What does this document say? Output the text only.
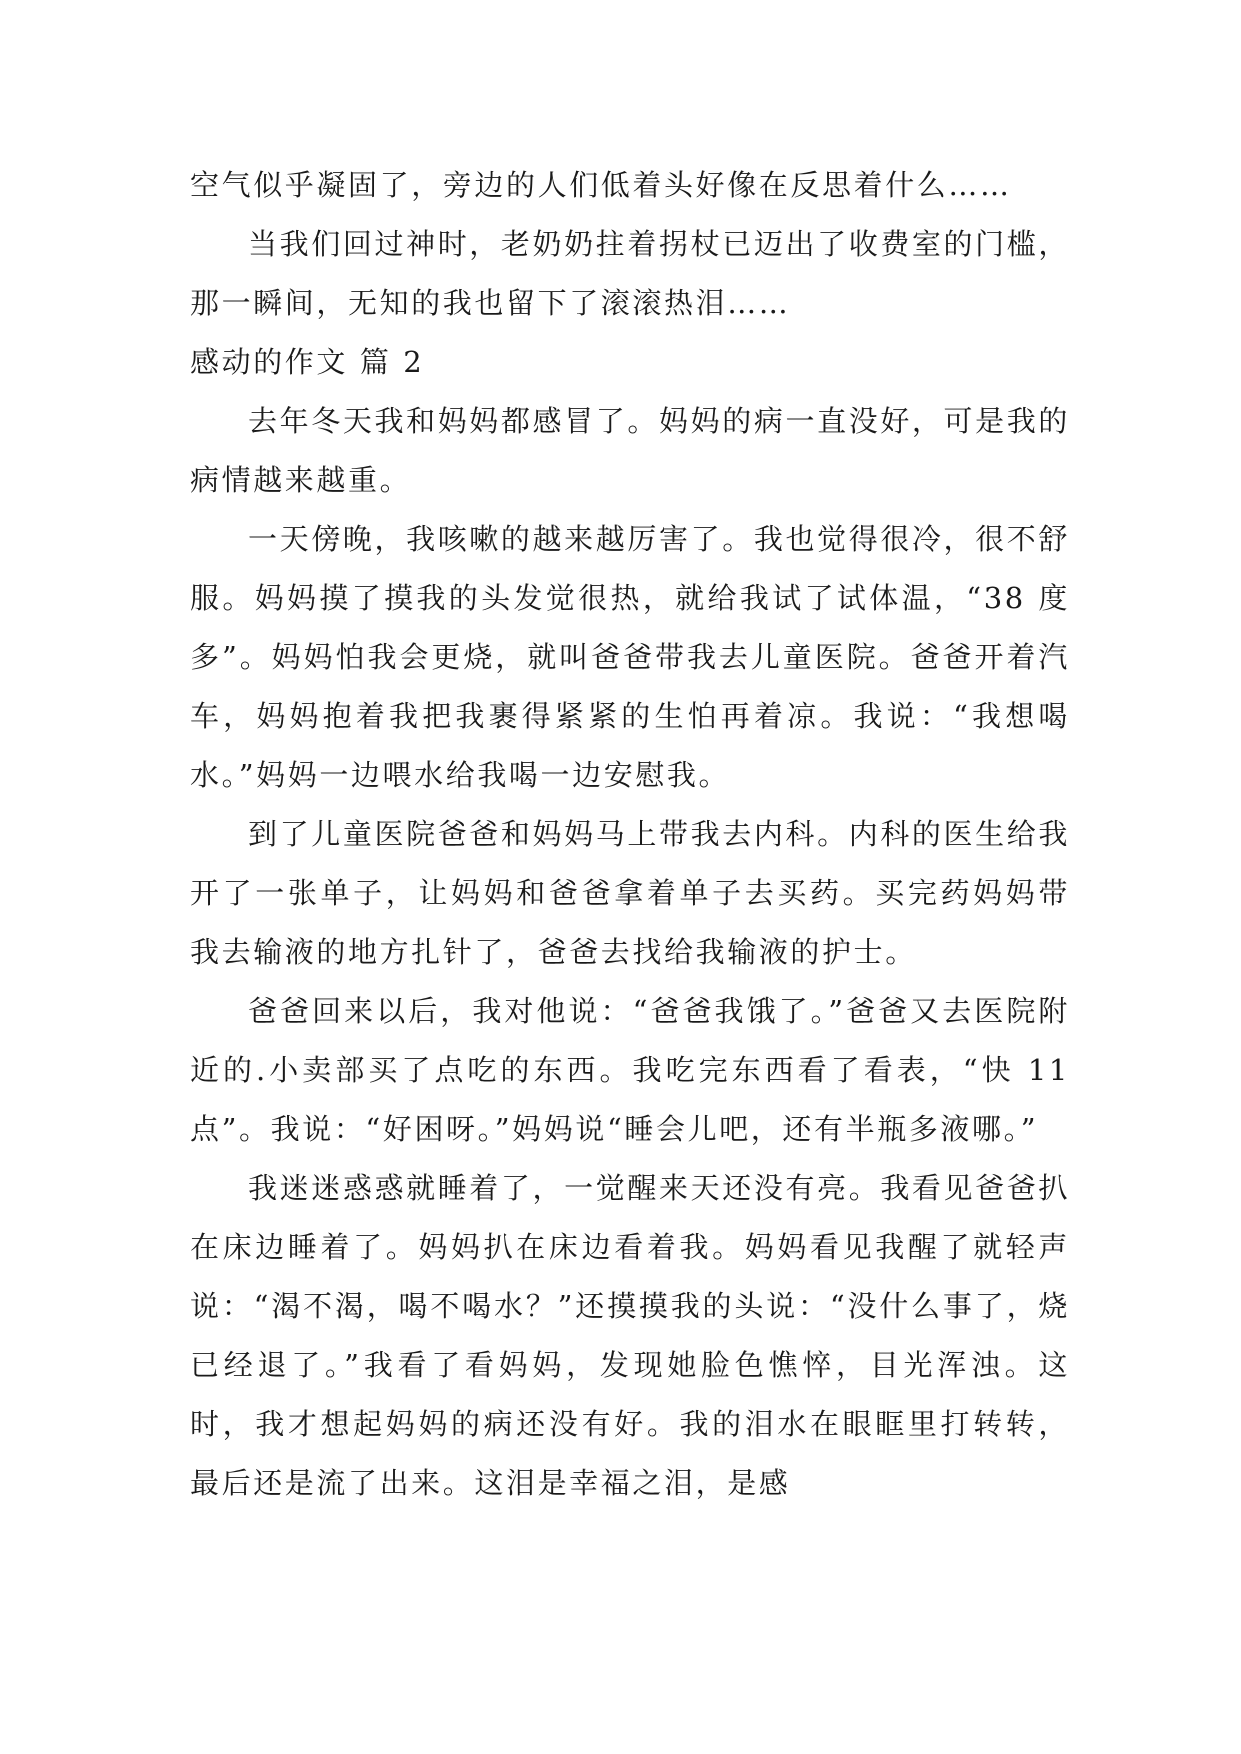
空气似乎凝固了，旁边的人们低着头好像在反思着什么……

当我们回过神时，老奶奶拄着拐杖已迈出了收费室的门槛，那一瞬间，无知的我也留下了滚滚热泪……

感动的作文 篇 2

去年冬天我和妈妈都感冒了。妈妈的病一直没好，可是我的病情越来越重。

一天傍晚，我咳嗽的越来越厉害了。我也觉得很冷，很不舒服。妈妈摸了摸我的头发觉很热，就给我试了试体温，“38 度多”。妈妈怕我会更烧，就叫爸爸带我去儿童医院。爸爸开着汽车，妈妈抱着我把我裹得紧紧的生怕再着凉。我说：“我想喝水。”妈妈一边喂水给我喝一边安慰我。

到了儿童医院爸爸和妈妈马上带我去内科。内科的医生给我开了一张单子，让妈妈和爸爸拿着单子去买药。买完药妈妈带我去输液的地方扎针了，爸爸去找给我输液的护士。

爸爸回来以后，我对他说：“爸爸我饿了。”爸爸又去医院附近的.小卖部买了点吃的东西。我吃完东西看了看表，“快 11 点”。我说：“好困呀。”妈妈说“睡会儿吧，还有半瓶多液哪。”

我迷迷惑惑就睡着了，一觉醒来天还没有亮。我看见爸爸扒在床边睡着了。妈妈扒在床边看着我。妈妈看见我醒了就轻声说：“渴不渴，喝不喝水？”还摸摸我的头说：“没什么事了，烧已经退了。”我看了看妈妈，发现她脸色憔悴，目光浑浊。这时，我才想起妈妈的病还没有好。我的泪水在眼眶里打转转，最后还是流了出来。这泪是幸福之泪，是感
